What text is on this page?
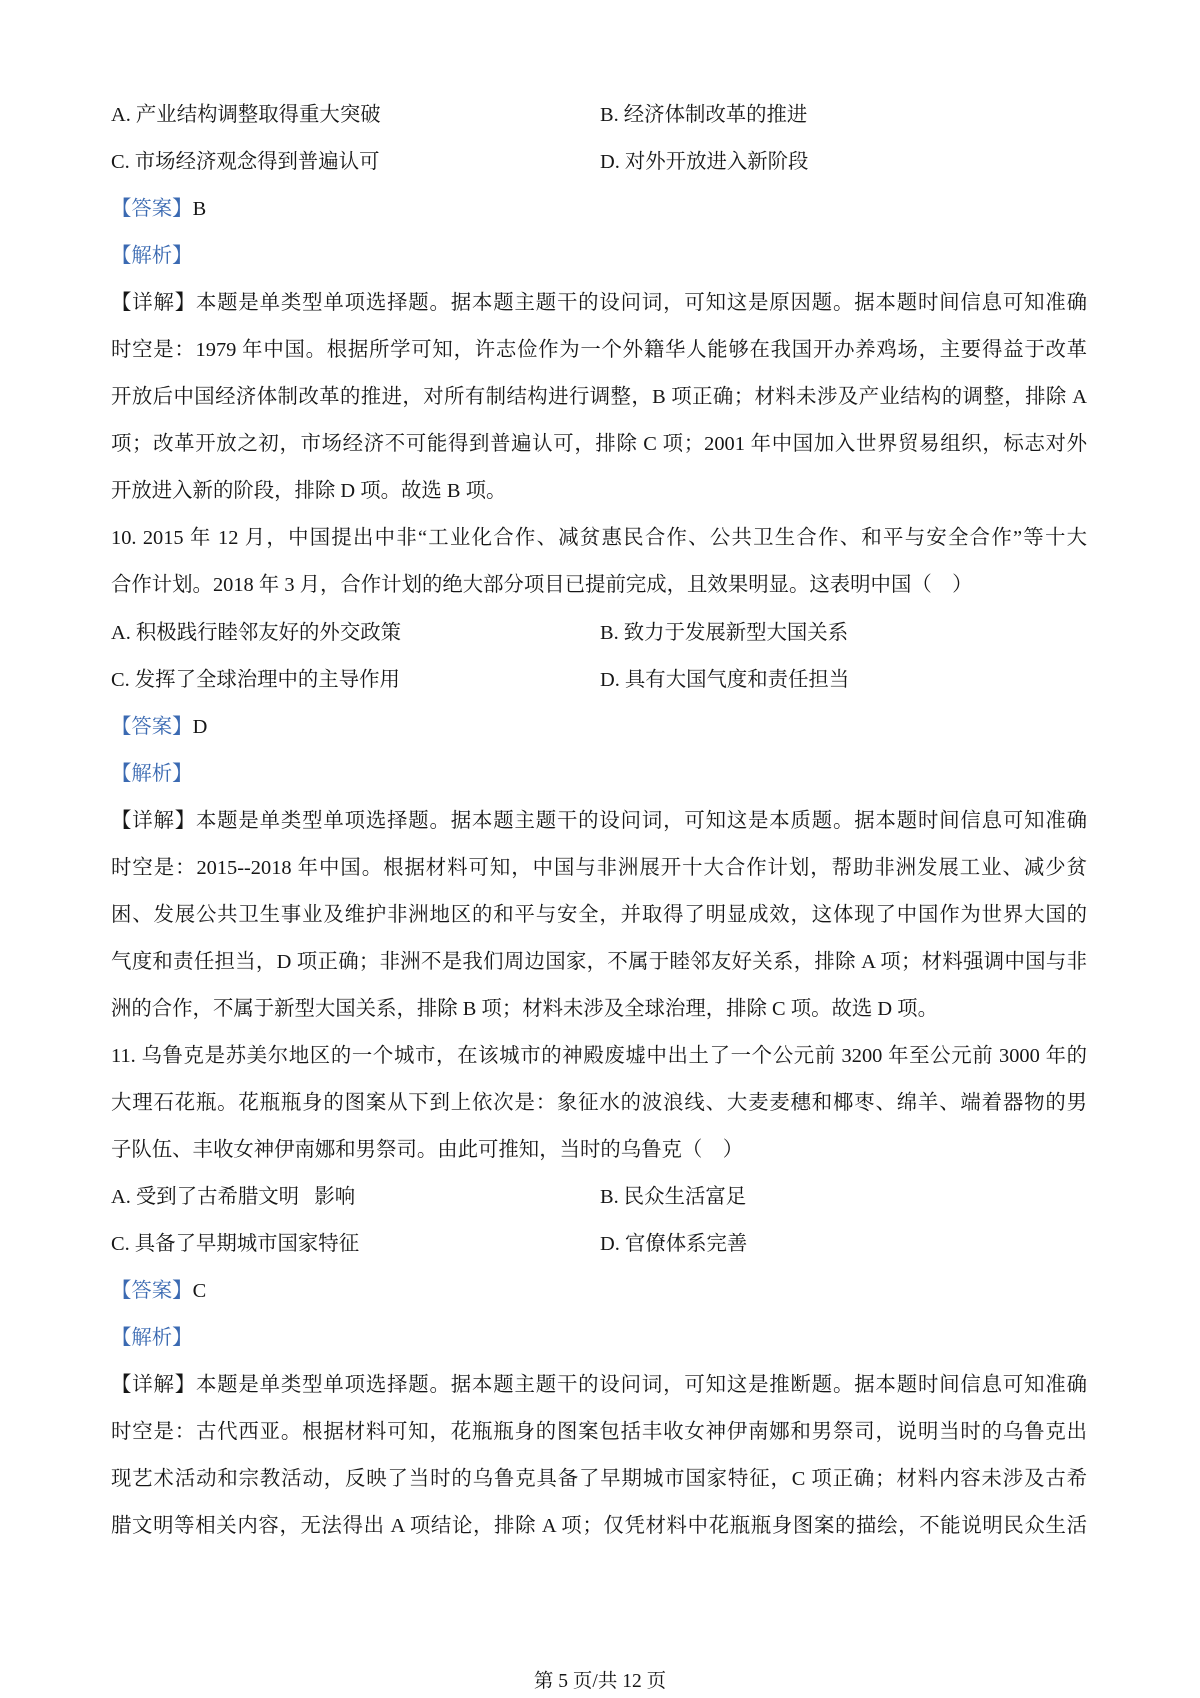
A. 产业结构调整取得重大突破	B. 经济体制改革的推进
C. 市场经济观念得到普遍认可	D. 对外开放进入新阶段
【答案】B
【解析】
【详解】本题是单类型单项选择题。据本题主题干的设问词，可知这是原因题。据本题时间信息可知准确
时空是：1979 年中国。根据所学可知，许志俭作为一个外籍华人能够在我国开办养鸡场，主要得益于改革
开放后中国经济体制改革的推进，对所有制结构进行调整，B 项正确；材料未涉及产业结构的调整，排除 A
项；改革开放之初，市场经济不可能得到普遍认可，排除 C 项；2001 年中国加入世界贸易组织，标志对外
开放进入新的阶段，排除 D 项。故选 B 项。
10. 2015 年 12 月，中国提出中非“工业化合作、减贫惠民合作、公共卫生合作、和平与安全合作”等十大
合作计划。2018 年 3 月，合作计划的绝大部分项目已提前完成，且效果明显。这表明中国（    ）
A. 积极践行睦邻友好的外交政策	B. 致力于发展新型大国关系
C. 发挥了全球治理中的主导作用	D. 具有大国气度和责任担当
【答案】D
【解析】
【详解】本题是单类型单项选择题。据本题主题干的设问词，可知这是本质题。据本题时间信息可知准确
时空是：2015--2018 年中国。根据材料可知，中国与非洲展开十大合作计划，帮助非洲发展工业、减少贫
困、发展公共卫生事业及维护非洲地区的和平与安全，并取得了明显成效，这体现了中国作为世界大国的
气度和责任担当，D 项正确；非洲不是我们周边国家，不属于睦邻友好关系，排除 A 项；材料强调中国与非
洲的合作，不属于新型大国关系，排除 B 项；材料未涉及全球治理，排除 C 项。故选 D 项。
11. 乌鲁克是苏美尔地区的一个城市，在该城市的神殿废墟中出土了一个公元前 3200 年至公元前 3000 年的
大理石花瓶。花瓶瓶身的图案从下到上依次是：象征水的波浪线、大麦麦穗和椰枣、绵羊、端着器物的男
子队伍、丰收女神伊南娜和男祭司。由此可推知，当时的乌鲁克（    ）
A. 受到了古希腊文明   影响	B. 民众生活富足
C. 具备了早期城市国家特征	D. 官僚体系完善
【答案】C
【解析】
【详解】本题是单类型单项选择题。据本题主题干的设问词，可知这是推断题。据本题时间信息可知准确
时空是：古代西亚。根据材料可知，花瓶瓶身的图案包括丰收女神伊南娜和男祭司，说明当时的乌鲁克出
现艺术活动和宗教活动，反映了当时的乌鲁克具备了早期城市国家特征，C 项正确；材料内容未涉及古希
腊文明等相关内容，无法得出 A 项结论，排除 A 项；仅凭材料中花瓶瓶身图案的描绘，不能说明民众生活
第 5 页/共 12 页
